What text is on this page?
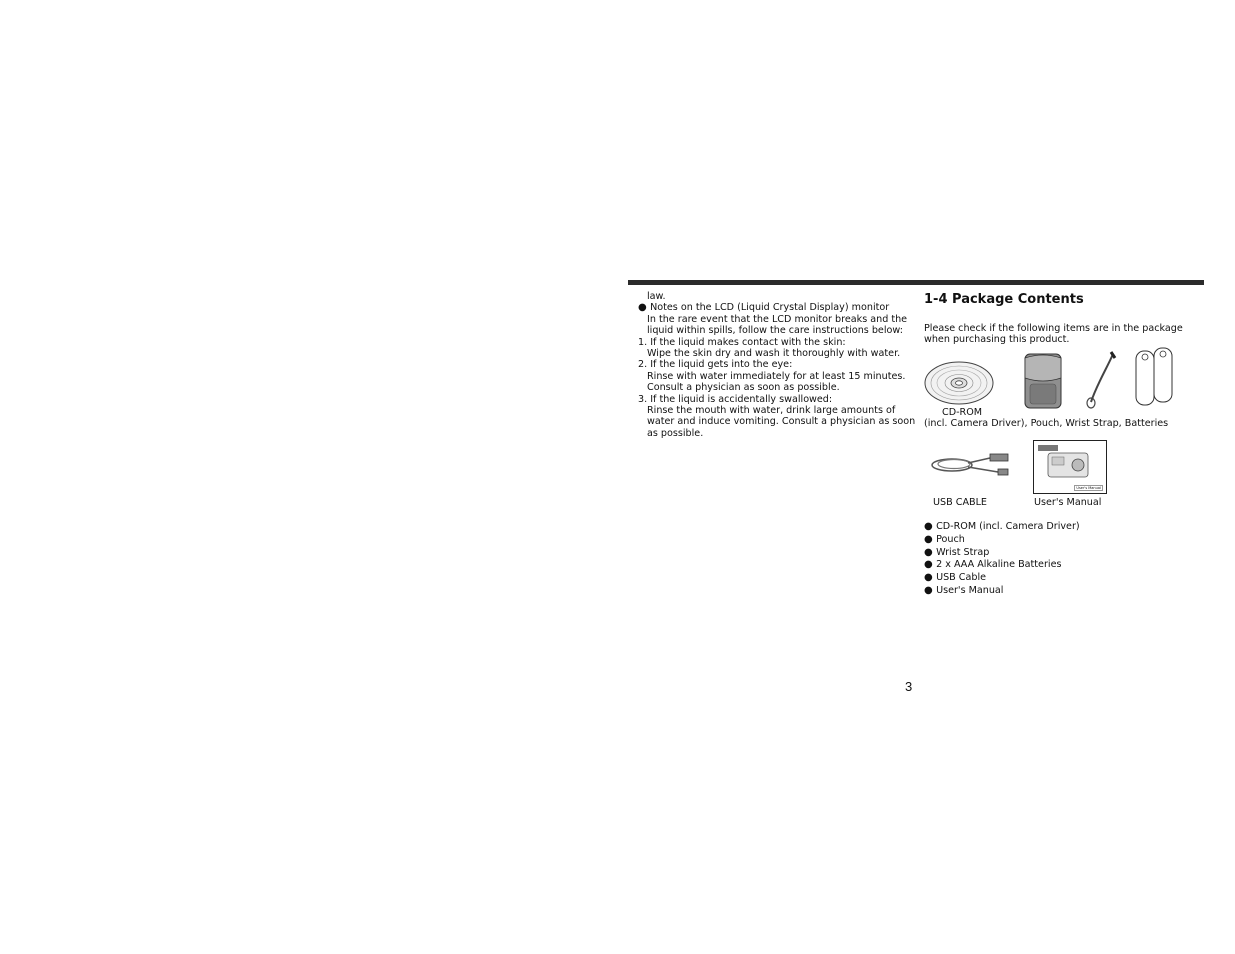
law.
● Notes on the LCD (Liquid Crystal Display) monitor
In the rare event that the LCD monitor breaks and the
liquid within spills, follow the care instructions below:
1. If the liquid makes contact with the skin:
Wipe the skin dry and wash it thoroughly with water.
2. If the liquid gets into the eye:
Rinse with water immediately for at least 15 minutes.
Consult a physician as soon as possible.
3. If the liquid is accidentally swallowed:
Rinse the mouth with water, drink large amounts of
water and induce vomiting. Consult a physician as soon
as possible.
1-4 Package Contents
Please check if the following items are in the package
when purchasing this product.
CD-ROM
(incl. Camera Driver), Pouch, Wrist Strap, Batteries
User's Manual
USB CABLE	User's Manual
● CD-ROM (incl. Camera Driver)
● Pouch
● Wrist Strap
● 2 x AAA Alkaline Batteries
● USB Cable
● User's Manual
3
